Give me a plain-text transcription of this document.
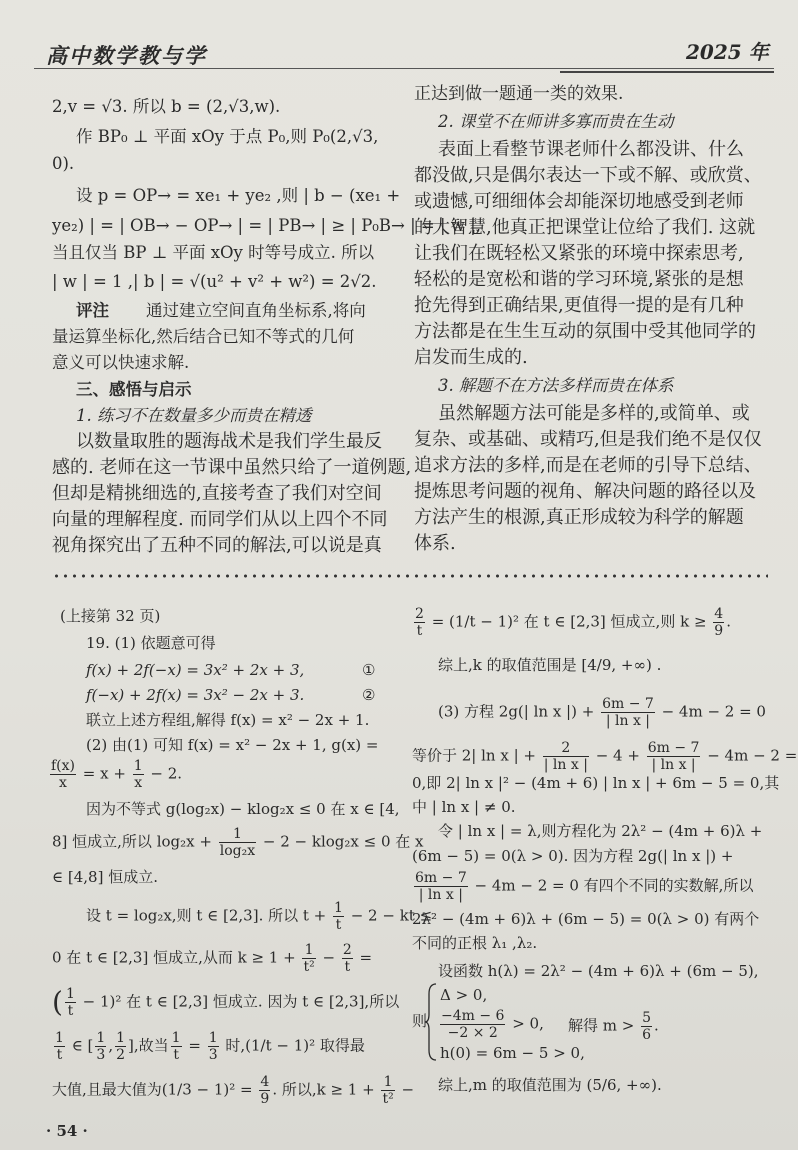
高中数学教与学	2025 年
2,v = √3. 所以 b = (2,√3,w).
作 BP₀ ⊥ 平面 xOy 于点 P₀,则 P₀(2,√3,
0).
设 p = OP→ = xe₁ + ye₂ ,则 | b − (xe₁ +
ye₂) | = | OB→ − OP→ | = | PB→ | ≥ | P₀B→ | = | w |,
当且仅当 BP ⊥ 平面 xOy 时等号成立. 所以
| w | = 1 ,| b | = √(u² + v² + w²) = 2√2.
评注 通过建立空间直角坐标系,将向
量运算坐标化,然后结合已知不等式的几何
意义可以快速求解.
三、感悟与启示
1. 练习不在数量多少而贵在精透
以数量取胜的题海战术是我们学生最反
感的. 老师在这一节课中虽然只给了一道例题,
但却是精挑细选的,直接考查了我们对空间
向量的理解程度. 而同学们从以上四个不同
视角探究出了五种不同的解法,可以说是真
正达到做一题通一类的效果.
2. 课堂不在师讲多寡而贵在生动
表面上看整节课老师什么都没讲、什么
都没做,只是偶尔表达一下或不解、或欣赏、
或遗憾,可细细体会却能深切地感受到老师
的大智慧,他真正把课堂让位给了我们. 这就
让我们在既轻松又紧张的环境中探索思考,
轻松的是宽松和谐的学习环境,紧张的是想
抢先得到正确结果,更值得一提的是有几种
方法都是在生生互动的氛围中受其他同学的
启发而生成的.
3. 解题不在方法多样而贵在体系
虽然解题方法可能是多样的,或简单、或
复杂、或基础、或精巧,但是我们绝不是仅仅
追求方法的多样,而是在老师的引导下总结、
提炼思考问题的视角、解决问题的路径以及
方法产生的根源,真正形成较为科学的解题
体系.
(上接第 32 页)
19. (1) 依题意可得
f(x) + 2f(−x) = 3x² + 2x + 3,	①
f(−x) + 2f(x) = 3x² − 2x + 3.	②
联立上述方程组,解得 f(x) = x² − 2x + 1.
(2) 由(1) 可知 f(x) = x² − 2x + 1, g(x) =
$\frac{f(x)}{x} = x + \frac{1}{x} - 2$.
因为不等式 g(log₂x) − klog₂x ≤ 0 在 x ∈ [4,
8] 恒成立,所以 $\log_2x + \frac{1}{\text{log₂x}} - 2 - klog_2x \le 0$ 在 x
∈ [4,8] 恒成立.
设 t = log₂x,则 t ∈ [2,3]. 所以 $t + \frac{1}{t} - 2$ − kt ≤
0 在 t ∈ [2,3] 恒成立,从而 $k \ge 1 + \frac{1}{\text{t²}} - \frac{2}{t}$ =
( $\frac{1}{t} - 1)^2$ 在 t ∈ [2,3] 恒成立. 因为 t ∈ [2,3],所以
$\frac{1}{t}$ ∈ [ $\frac{1}{3}$ , $\frac{1}{2}$ ],故当 $\frac{1}{t} = \frac{1}{3}$ 时,(1/t − 1)² 取得最
大值,且最大值为$(1/3 - 1)^2 = \frac{4}{9}$ . 所以$,k \ge 1 + \frac{1}{\text{t²}}$ −
· 54 ·
$\frac{2}{t} = (1/t - 1)^2$ 在 t ∈ [2,3] 恒成立,则 $k \ge \frac{4}{9}$ .
综上,k 的取值范围是 [4/9, +∞) .
(3) 方程 2g(| ln x |) + $\frac{6m - 7}{\text{| ln x |}} - 4m - 2 = 0$
等价于 2| ln x | + $\frac{2}{\text{| ln x |}} - 4 + \frac{6m - 7}{\text{| ln x |}} - 4m - 2$ =
0,即 2| ln x |² − (4m + 6) | ln x | + 6m − 5 = 0,其
中 | ln x | ≠ 0.
令 | ln x | = λ,则方程化为 2λ² − (4m + 6)λ +
(6m − 5) = 0(λ > 0). 因为方程 2g(| ln x |) +
$\frac{6m - 7}{\text{| ln x |}} - 4m - 2 = 0$ 有四个不同的实数解,所以
2λ² − (4m + 6)λ + (6m − 5) = 0(λ > 0) 有两个
不同的正根 λ₁ ,λ₂.
设函数 h(λ) = 2λ² − (4m + 6)λ + (6m − 5),
则
Δ > 0,
$\frac{-4m - 6}{-2 \times 2} > 0$, 解得 $m > \frac{5}{6}$ .
h(0) = 6m − 5 > 0,
综上,m 的取值范围为 (5/6, +∞).
